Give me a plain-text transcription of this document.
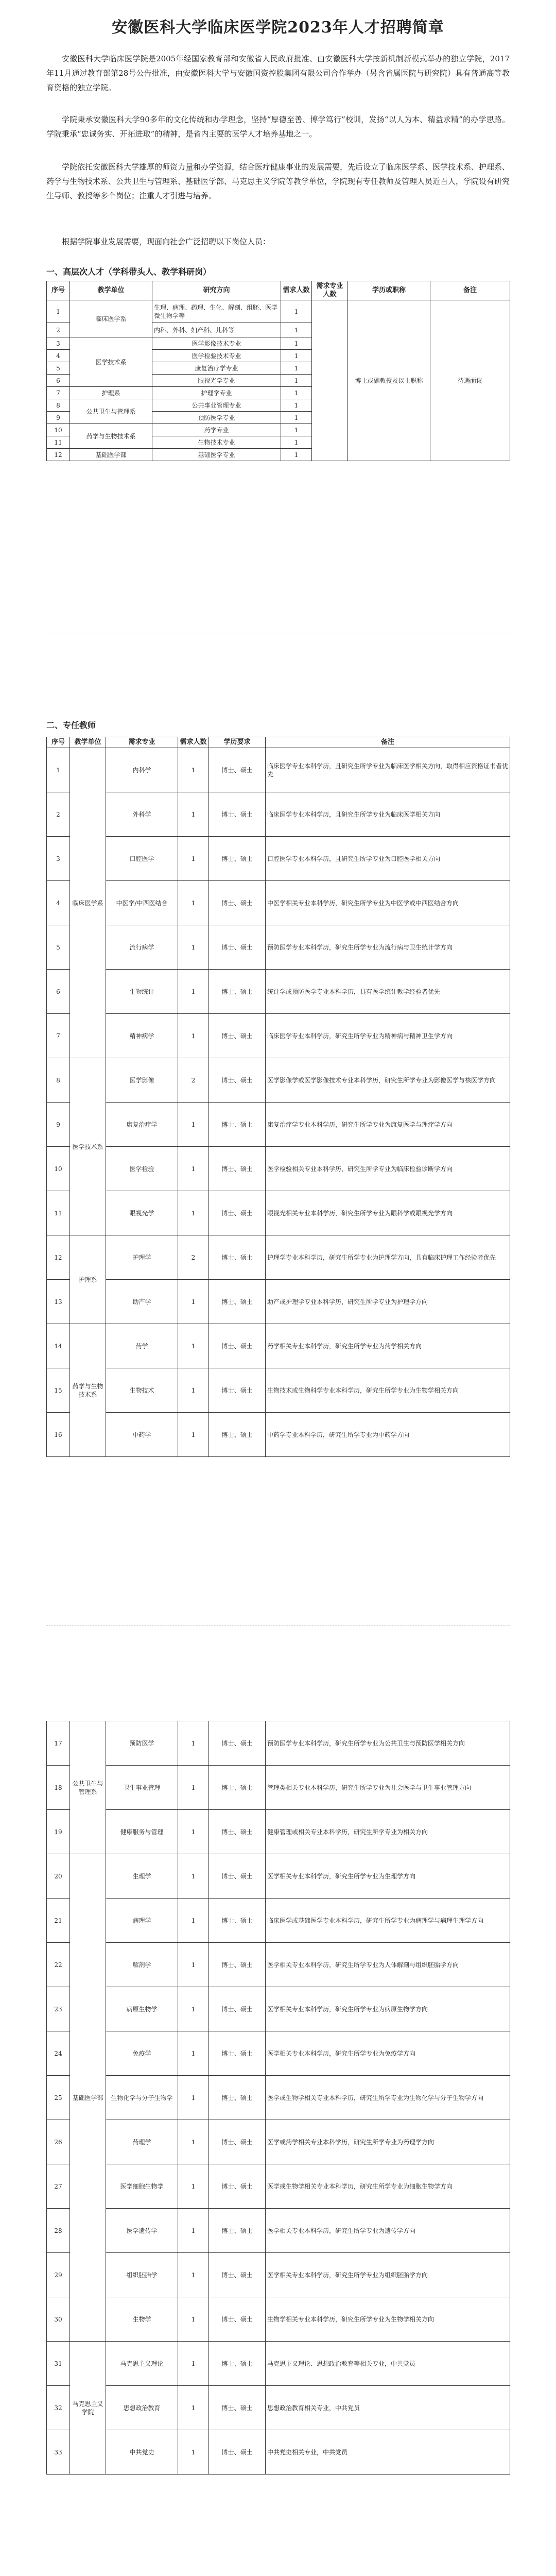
安徽医科大学临床医学院2023年人才招聘简章
安徽医科大学临床医学院是2005年经国家教育部和安徽省人民政府批准、由安徽医科大学按新机制新模式举办的独立学院，2017年11月通过教育部第28号公告批准，由安徽医科大学与安徽国资控股集团有限公司合作举办（另含省属医院与研究院）具有普通高等教育资格的独立学院。
学院秉承安徽医科大学90多年的文化传统和办学理念，坚持“厚德至善、博学笃行”校训，发扬“以人为本、精益求精”的办学思路。学院秉承“忠诚务实、开拓进取”的精神，是省内主要的医学人才培养基地之一。
学院依托安徽医科大学雄厚的师资力量和办学资源，结合医疗健康事业的发展需要，先后设立了临床医学系、医学技术系、护理系、药学与生物技术系、公共卫生与管理系、基础医学部、马克思主义学院等教学单位，学院现有专任教师及管理人员近百人，学院设有研究生导师、教授等多个岗位；注重人才引进与培养。
根据学院事业发展需要，现面向社会广泛招聘以下岗位人员：
一、高层次人才（学科带头人、教学科研岗）
序号	教学单位	研究方向	需求人数	需求专业人数	学历或职称	备注
1	临床医学系	生理、病理、药理、生化、解剖、组胚、医学微生物学等	1		博士或副教授及以上职称	待遇面议
2		内科、外科、妇产科、儿科等	1			
3	医学技术系	医学影像技术专业	1			
4		医学检验技术专业	1			
5		康复治疗学专业	1			
6		眼视光学专业	1			
7	护理系	护理学专业	1			
8	公共卫生与管理系	公共事业管理专业	1			
9		预防医学专业	1			
10	药学与生物技术系	药学专业	1			
11		生物技术专业	1			
12	基础医学部	基础医学专业	1			
二、专任教师
序号	教学单位	需求专业	需求人数	学历要求	备注
1	临床医学系	内科学	1	博士、硕士	临床医学专业本科学历，且研究生所学专业为临床医学相关方向，取得相应资格证书者优先
2		外科学	1	博士、硕士	临床医学专业本科学历，且研究生所学专业为临床医学相关方向
3		口腔医学	1	博士、硕士	口腔医学专业本科学历，且研究生所学专业为口腔医学相关方向
4		中医学/中西医结合	1	博士、硕士	中医学相关专业本科学历，研究生所学专业为中医学或中西医结合方向
5		流行病学	1	博士、硕士	预防医学专业本科学历，研究生所学专业为流行病与卫生统计学方向
6		生物统计	1	博士、硕士	统计学或预防医学专业本科学历，具有医学统计教学经验者优先
7		精神病学	1	博士、硕士	临床医学专业本科学历，研究生所学专业为精神病与精神卫生学方向
8	医学技术系	医学影像	2	博士、硕士	医学影像学或医学影像技术专业本科学历，研究生所学专业为影像医学与核医学方向
9		康复治疗学	1	博士、硕士	康复治疗学专业本科学历，研究生所学专业为康复医学与理疗学方向
10		医学检验	1	博士、硕士	医学检验相关专业本科学历，研究生所学专业为临床检验诊断学方向
11		眼视光学	1	博士、硕士	眼视光相关专业本科学历，研究生所学专业为眼科学或眼视光学方向
12	护理系	护理学	2	博士、硕士	护理学专业本科学历，研究生所学专业为护理学方向，具有临床护理工作经验者优先
13		助产学	1	博士、硕士	助产或护理学专业本科学历，研究生所学专业为护理学方向
14	药学与生物技术系	药学	1	博士、硕士	药学相关专业本科学历，研究生所学专业为药学相关方向
15		生物技术	1	博士、硕士	生物技术或生物科学专业本科学历，研究生所学专业为生物学相关方向
16		中药学	1	博士、硕士	中药学专业本科学历，研究生所学专业为中药学方向
17	公共卫生与管理系	预防医学	1	博士、硕士	预防医学专业本科学历，研究生所学专业为公共卫生与预防医学相关方向
18		卫生事业管理	1	博士、硕士	管理类相关专业本科学历，研究生所学专业为社会医学与卫生事业管理方向
19		健康服务与管理	1	博士、硕士	健康管理或相关专业本科学历，研究生所学专业为相关方向
20	基础医学部	生理学	1	博士、硕士	医学相关专业本科学历，研究生所学专业为生理学方向
21		病理学	1	博士、硕士	临床医学或基础医学专业本科学历，研究生所学专业为病理学与病理生理学方向
22		解剖学	1	博士、硕士	医学相关专业本科学历，研究生所学专业为人体解剖与组织胚胎学方向
23		病原生物学	1	博士、硕士	医学相关专业本科学历，研究生所学专业为病原生物学方向
24		免疫学	1	博士、硕士	医学相关专业本科学历，研究生所学专业为免疫学方向
25		生物化学与分子生物学	1	博士、硕士	医学或生物学相关专业本科学历，研究生所学专业为生物化学与分子生物学方向
26		药理学	1	博士、硕士	医学或药学相关专业本科学历，研究生所学专业为药理学方向
27		医学细胞生物学	1	博士、硕士	医学或生物学相关专业本科学历，研究生所学专业为细胞生物学方向
28		医学遗传学	1	博士、硕士	医学相关专业本科学历，研究生所学专业为遗传学方向
29		组织胚胎学	1	博士、硕士	医学相关专业本科学历，研究生所学专业为组织胚胎学方向
30		生物学	1	博士、硕士	生物学相关专业本科学历，研究生所学专业为生物学相关方向
31	马克思主义学院	马克思主义理论	1	博士、硕士	马克思主义理论、思想政治教育等相关专业，中共党员
32		思想政治教育	1	博士、硕士	思想政治教育相关专业，中共党员
33		中共党史	1	博士、硕士	中共党史相关专业，中共党员
